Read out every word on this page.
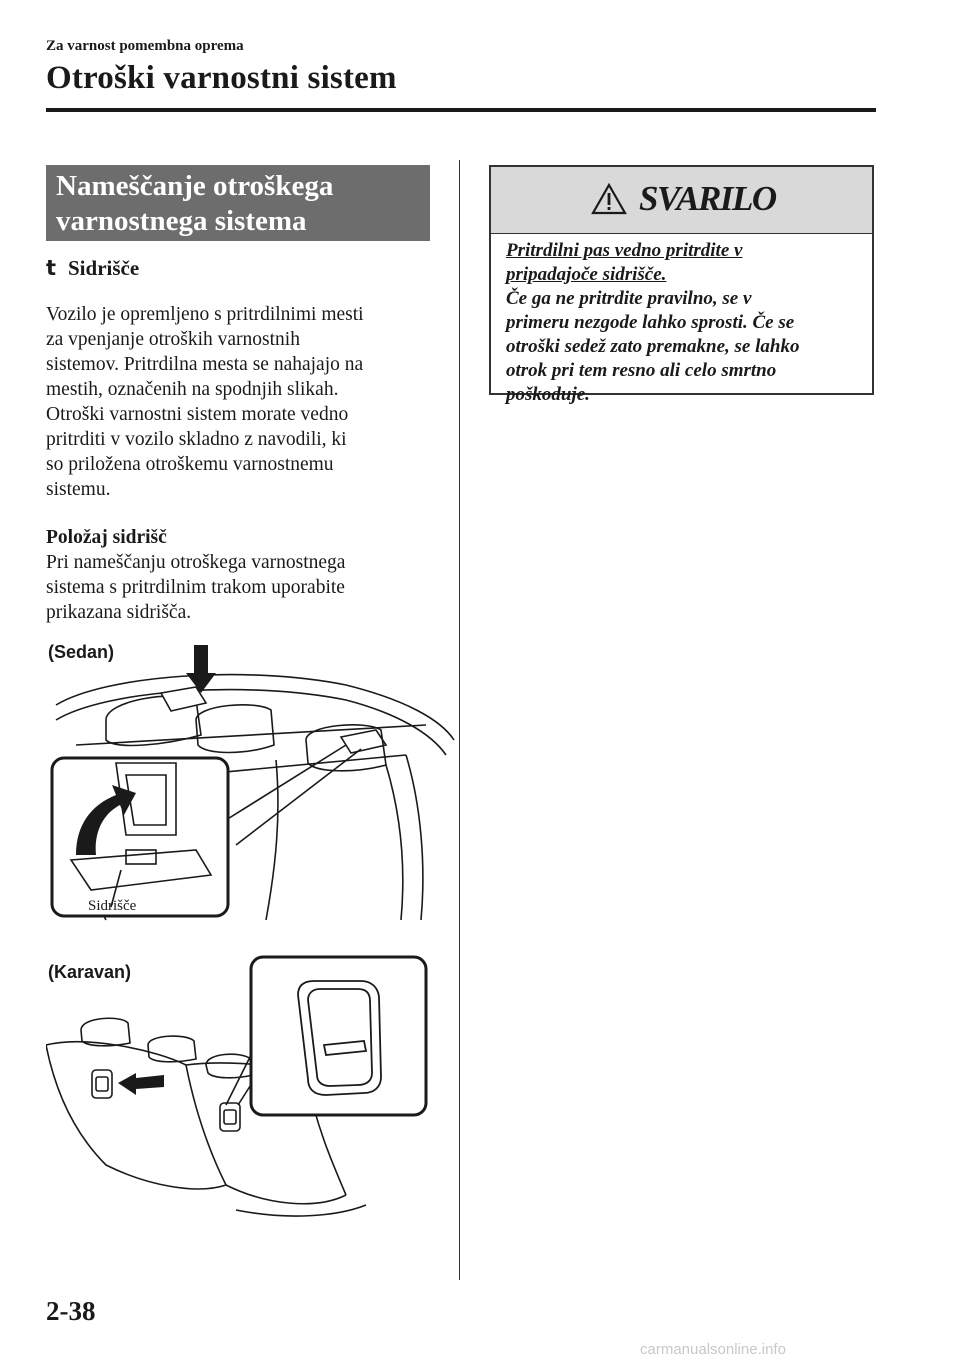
Za varnost pomembna oprema
Otroški varnostni sistem
Nameščanje otroškega
varnostnega sistema
t Sidrišče
Vozilo je opremljeno s pritrdilnimi mesti
za vpenjanje otroških varnostnih
sistemov. Pritrdilna mesta se nahajajo na
mestih, označenih na spodnjih slikah.
Otroški varnostni sistem morate vedno
pritrditi v vozilo skladno z navodili, ki
so priložena otroškemu varnostnemu
sistemu.
Položaj sidrišč
Pri nameščanju otroškega varnostnega
sistema s pritrdilnim trakom uporabite
prikazana sidrišča.
(Sedan)
Sidrišče
(Karavan)
SVARILO
Pritrdilni pas vedno pritrdite v
pripadajoče sidrišče.
Če ga ne pritrdite pravilno, se v
primeru nezgode lahko sprosti. Če se
otroški sedež zato premakne, se lahko
otrok pri tem resno ali celo smrtno
poškoduje.
2-38
carmanualsonline.info
